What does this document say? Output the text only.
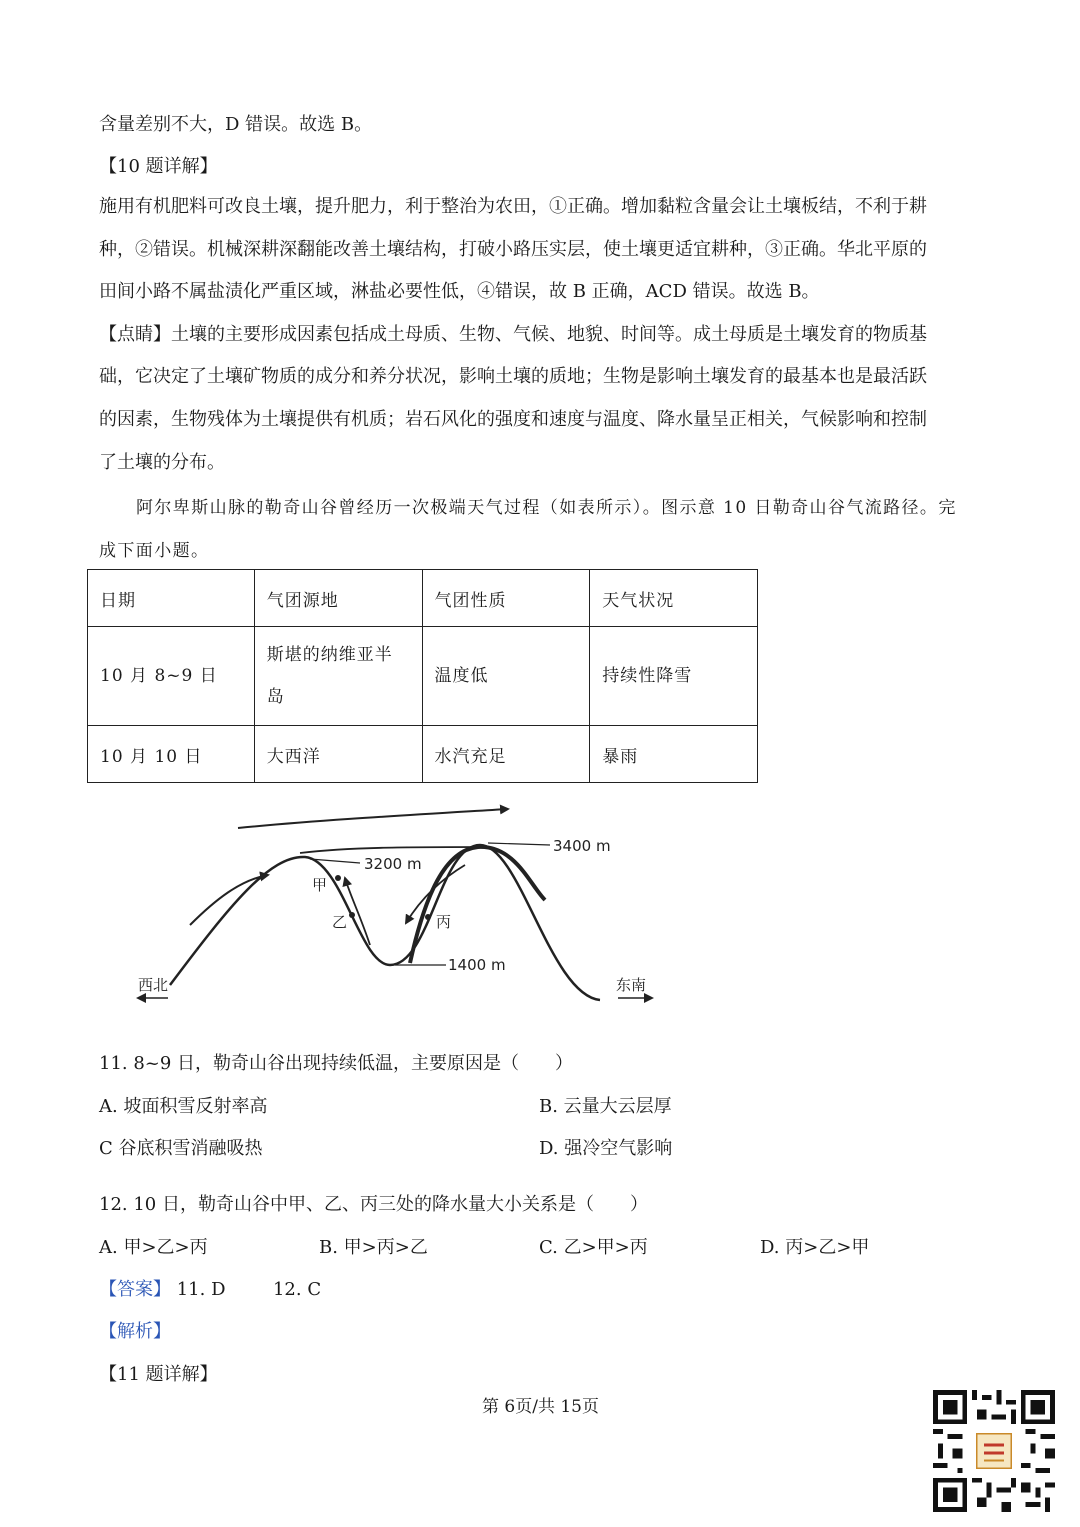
含量差别不大，D 错误。故选 B。
【10 题详解】
施用有机肥料可改良土壤，提升肥力，利于整治为农田，①正确。增加黏粒含量会让土壤板结，不利于耕
种，②错误。机械深耕深翻能改善土壤结构，打破小路压实层，使土壤更适宜耕种，③正确。华北平原的
田间小路不属盐渍化严重区域，淋盐必要性低，④错误，故 B 正确，ACD 错误。故选 B。
【点睛】土壤的主要形成因素包括成土母质、生物、气候、地貌、时间等。成土母质是土壤发育的物质基
础，它决定了土壤矿物质的成分和养分状况，影响土壤的质地；生物是影响土壤发育的最基本也是最活跃
的因素，生物残体为土壤提供有机质；岩石风化的强度和速度与温度、降水量呈正相关，气候影响和控制
了土壤的分布。
阿尔卑斯山脉的勒奇山谷曾经历一次极端天气过程（如表所示）。图示意 10 日勒奇山谷气流路径。完
成下面小题。
日期	气团源地	气团性质	天气状况
10 月 8~9 日	斯堪的纳维亚半岛	温度低	持续性降雪
10 月 10 日	大西洋	水汽充足	暴雨
3400 m
3200 m
1400 m
甲
乙	丙
西北	东南
11. 8~9 日，勒奇山谷出现持续低温，主要原因是（　　）
A. 坡面积雪反射率高	B. 云量大云层厚
C 谷底积雪消融吸热	D. 强冷空气影响
12. 10 日，勒奇山谷中甲、乙、丙三处的降水量大小关系是（　　）
A. 甲>乙>丙	B. 甲>丙>乙	C. 乙>甲>丙	D. 丙>乙>甲
【答案】 11. D	12. C
【解析】
【11 题详解】
第 6页/共 15页
